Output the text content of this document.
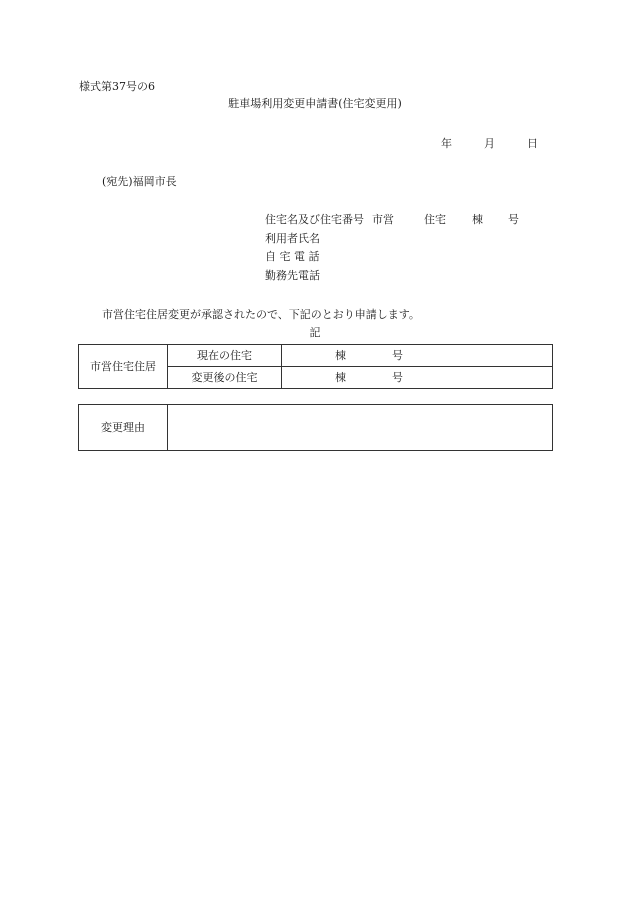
様式第37号の6
駐車場利用変更申請書(住宅変更用)
年	月	日
(宛先)福岡市長
住宅名及び住宅番号 市営	住宅 棟 号
利用者氏名
自 宅 電 話
勤務先電話
市営住宅住居変更が承認されたので、下記のとおり申請します。
記
市営住宅住居	現在の住宅	棟 号
	変更後の住宅	棟 号
変更理由	
